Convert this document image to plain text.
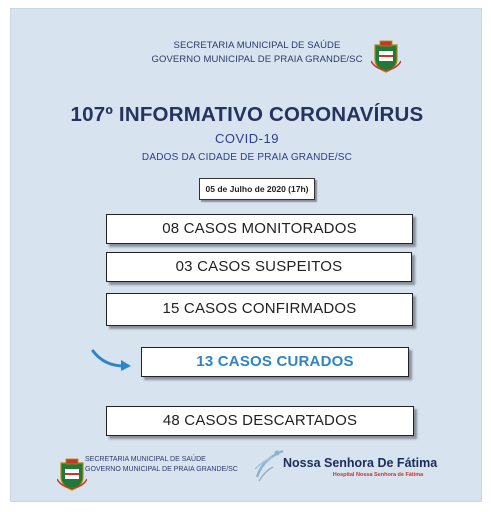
SECRETARIA MUNICIPAL DE SAÚDE
GOVERNO MUNICIPAL DE PRAIA GRANDE/SC
107º INFORMATIVO CORONAVÍRUS
COVID-19
DADOS DA CIDADE DE PRAIA GRANDE/SC
05 de Julho de 2020 (17h)
08 CASOS MONITORADOS
03 CASOS SUSPEITOS
15 CASOS CONFIRMADOS
13 CASOS CURADOS
48 CASOS DESCARTADOS
SECRETARIA MUNICIPAL DE SAÚDE
GOVERNO MUNICIPAL DE PRAIA GRANDE/SC	Nossa Senhora De Fátima
Hospital Nossa Senhora de Fátima
